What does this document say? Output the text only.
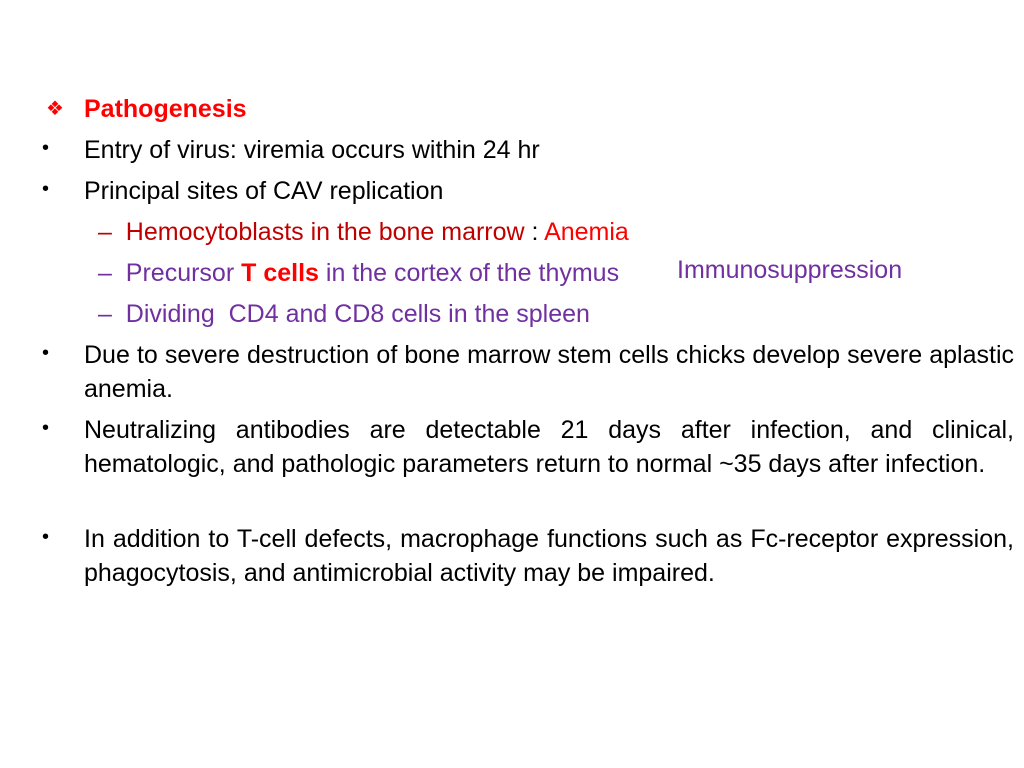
❖ Pathogenesis
• Entry of virus: viremia occurs within 24 hr
• Principal sites of CAV replication
–  Hemocytoblasts in the bone marrow : Anemia
–  Precursor T cells in the cortex of the thymus Immunosuppression
–  Dividing  CD4 and CD8 cells in the spleen
• Due to severe destruction of bone marrow stem cells chicks develop severe aplastic anemia.
• Neutralizing antibodies are detectable 21 days after infection, and clinical, hematologic, and pathologic parameters return to normal ~35 days after infection.
• In addition to T-cell defects, macrophage functions such as Fc-receptor expression, phagocytosis, and antimicrobial activity may be impaired.
